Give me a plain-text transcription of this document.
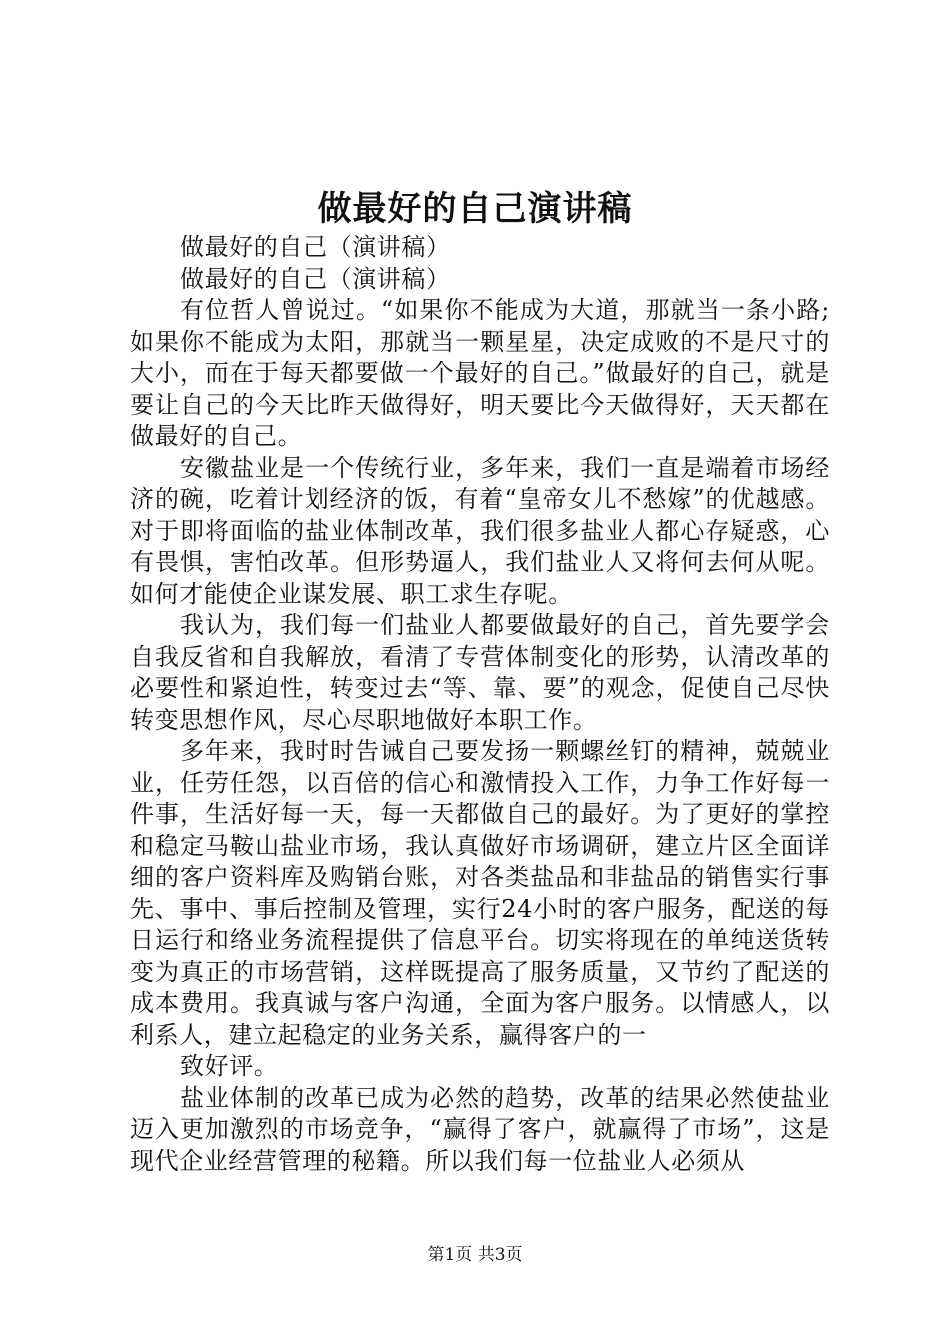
做最好的自己演讲稿

做最好的自己（演讲稿）

做最好的自己（演讲稿）

有位哲人曾说过。“如果你不能成为大道，那就当一条小路;如果你不能成为太阳，那就当一颗星星，决定成败的不是尺寸的大小，而在于每天都要做一个最好的自己。”做最好的自己，就是要让自己的今天比昨天做得好，明天要比今天做得好，天天都在做最好的自己。

安徽盐业是一个传统行业，多年来，我们一直是端着市场经济的碗，吃着计划经济的饭，有着“皇帝女儿不愁嫁”的优越感。对于即将面临的盐业体制改革，我们很多盐业人都心存疑惑，心有畏惧，害怕改革。但形势逼人，我们盐业人又将何去何从呢。如何才能使企业谋发展、职工求生存呢。

我认为，我们每一们盐业人都要做最好的自己，首先要学会自我反省和自我解放，看清了专营体制变化的形势，认清改革的必要性和紧迫性，转变过去“等、靠、要”的观念，促使自己尽快转变思想作风，尽心尽职地做好本职工作。

多年来，我时时告诫自己要发扬一颗螺丝钉的精神，兢兢业业，任劳任怨，以百倍的信心和激情投入工作，力争工作好每一件事，生活好每一天，每一天都做自己的最好。为了更好的掌控和稳定马鞍山盐业市场，我认真做好市场调研，建立片区全面详细的客户资料库及购销台账，对各类盐品和非盐品的销售实行事先、事中、事后控制及管理，实行24小时的客户服务，配送的每日运行和络业务流程提供了信息平台。切实将现在的单纯送货转变为真正的市场营销，这样既提高了服务质量，又节约了配送的成本费用。我真诚与客户沟通，全面为客户服务。以情感人，以利系人，建立起稳定的业务关系，赢得客户的一

致好评。

盐业体制的改革已成为必然的趋势，改革的结果必然使盐业迈入更加激烈的市场竞争，“赢得了客户，就赢得了市场”，这是现代企业经营管理的秘籍。所以我们每一位盐业人必须从

第1页 共3页
